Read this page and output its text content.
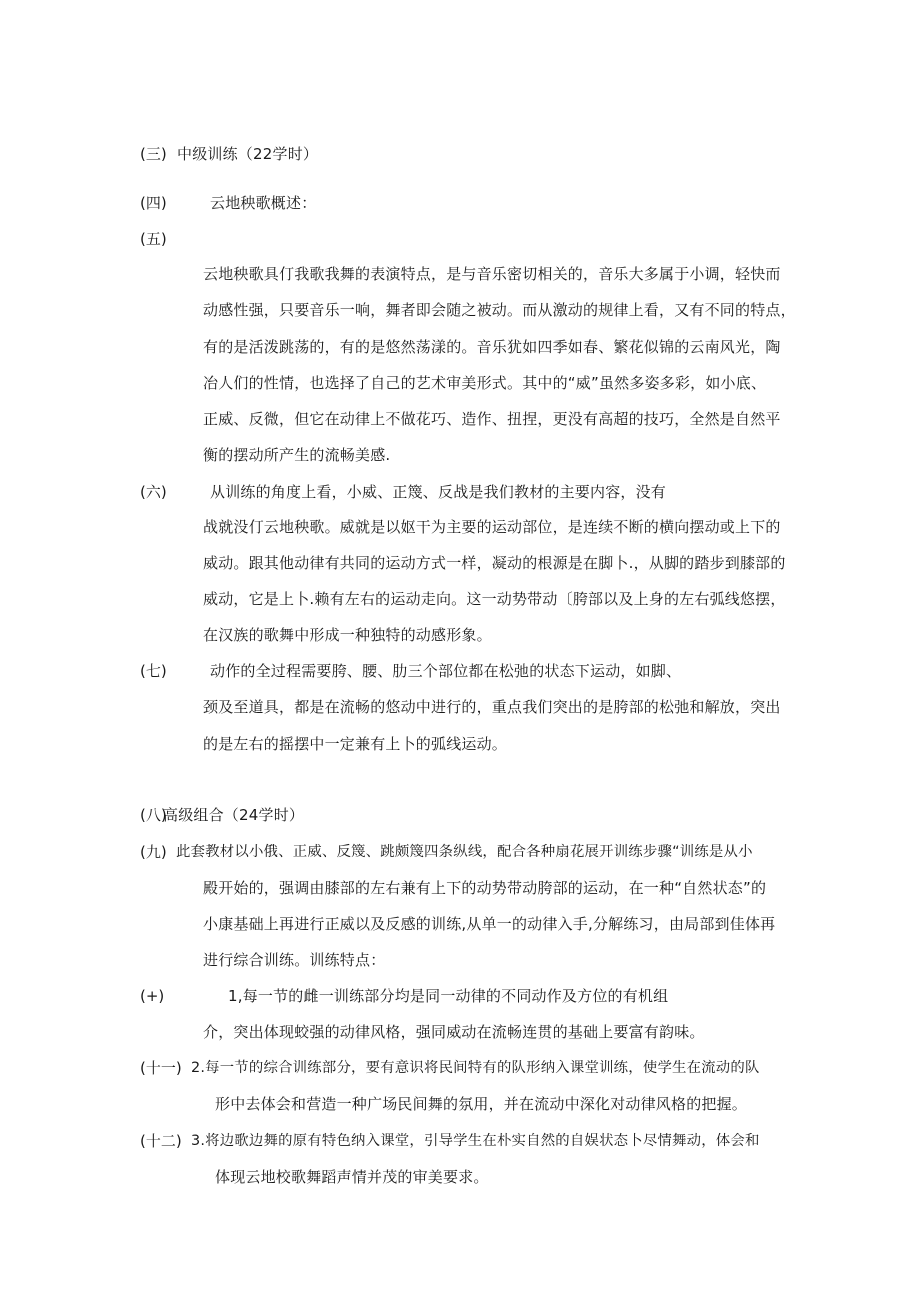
(三) 中级训练（22学时）
(四)	云地秧歌概述：
(五)
云地秧歌具仃我歌我舞的表演特点，是与音乐密切相关的，音乐大多属于小调，轻快而
动感性强，只要音乐一响，舞者即会随之被动。而从激动的规律上看，又有不同的特点，
有的是活泼跳荡的，有的是悠然荡漾的。音乐犹如四季如春、繁花似锦的云南风光，陶
冶人们的性情，也选择了自己的艺术审美形式。其中的“威”虽然多姿多彩，如小底、
正威、反微，但它在动律上不做花巧、造作、扭捏，更没有高超的技巧，全然是自然平
衡的摆动所产生的流畅美感.
(六)	从训练的角度上看，小威、正篾、反战是我们教材的主要内容，没有
战就没仃云地秧歌。威就是以妪干为主要的运动部位，是连续不断的横向摆动或上下的
威动。跟其他动律有共同的运动方式一样，凝动的根源是在脚卜.，从脚的踏步到膝部的
威动，它是上卜.赖有左右的运动走向。这一动势带动〔胯部以及上身的左右弧线悠摆，
在汉族的歌舞中形成一种独特的动感形象。
(七)	动作的全过程需要胯、腰、肋三个部位都在松弛的状态下运动，如脚、
颈及至道具，都是在流畅的悠动中进行的，重点我们突出的是胯部的松弛和解放，突出
的是左右的摇摆中一定兼有上卜的弧线运动。
(八)
高级组合（24学时）
(九) 此套教材以小俄、正威、反篾、跳颇篾四条纵线，配合各种扇花展开训练步骤“训练是从小
殿开始的，强调由膝部的左右兼有上下的动势带动胯部的运动，在一种“自然状态”的
小康基础上再进行正威以及反感的训练,从单一的动律入手,分解练习，由局部到佳体再
进行综合训练。训练特点：
(+)	1,每一节的雌一训练部分均是同一动律的不同动作及方位的有机组
介，突出体现蛟强的动律风格，强同威动在流畅连贯的基础上要富有韵味。
(十一) 2.每一节的综合训练部分，要有意识将民间特有的队形纳入课堂训练，使学生在流动的队
形中去体会和营造一种广场民间舞的氛用，并在流动中深化对动律风格的把握。
(十二) 3.将边歌边舞的原有特色纳入课堂，引导学生在朴实自然的自娱状态卜尽情舞动，体会和
体现云地校歌舞蹈声情并茂的审美要求。
